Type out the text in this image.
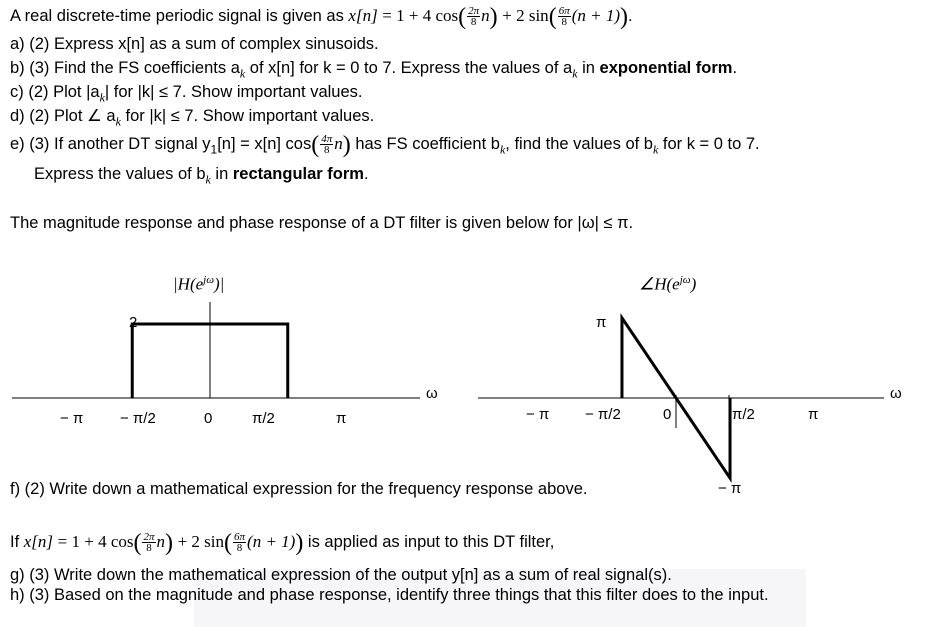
A real discrete-time periodic signal is given as x[n] = 1 + 4 $\cos( \frac{2\pi}{8} n) + 2$ $\sin( \frac{6\pi}{8} (n + 1))$.
a) (2) Express x[n] as a sum of complex sinusoids.
b) (3) Find the FS coefficients $a_k$ of x[n] for k = 0 to 7. Express the values of $a_k$ in exponential form.
c) (2) Plot $|a_k|$ for |k| ≤ 7. Show important values.
d) (2) Plot ∠ $a_k$ for |k| ≤ 7. Show important values.
e) (3) If another DT signal $y_1[n] = x[n]$ $\cos( \frac{4\pi}{8} n)$ has FS coefficient $b_k$, find the values of $b_k$ for k = 0 to 7.
Express the values of $b_k$ in rectangular form.
The magnitude response and phase response of a DT filter is given below for |ω| ≤ π.
$|H(e^{j\omega})|$
2
ω
− π − π/2	0	π/2	π
$\angle H(e^{j\omega})$
π
− π
ω
− π − π/2	0	π/2	π
f) (2) Write down a mathematical expression for the frequency response above.
If x[n] = 1 + 4 $\cos( \frac{2\pi}{8} n) + 2$ $\sin( \frac{6\pi}{8} (n + 1))$ is applied as input to this DT filter,
g) (3) Write down the mathematical expression of the output y[n] as a sum of real signal(s).
h) (3) Based on the magnitude and phase response, identify three things that this filter does to the input.
